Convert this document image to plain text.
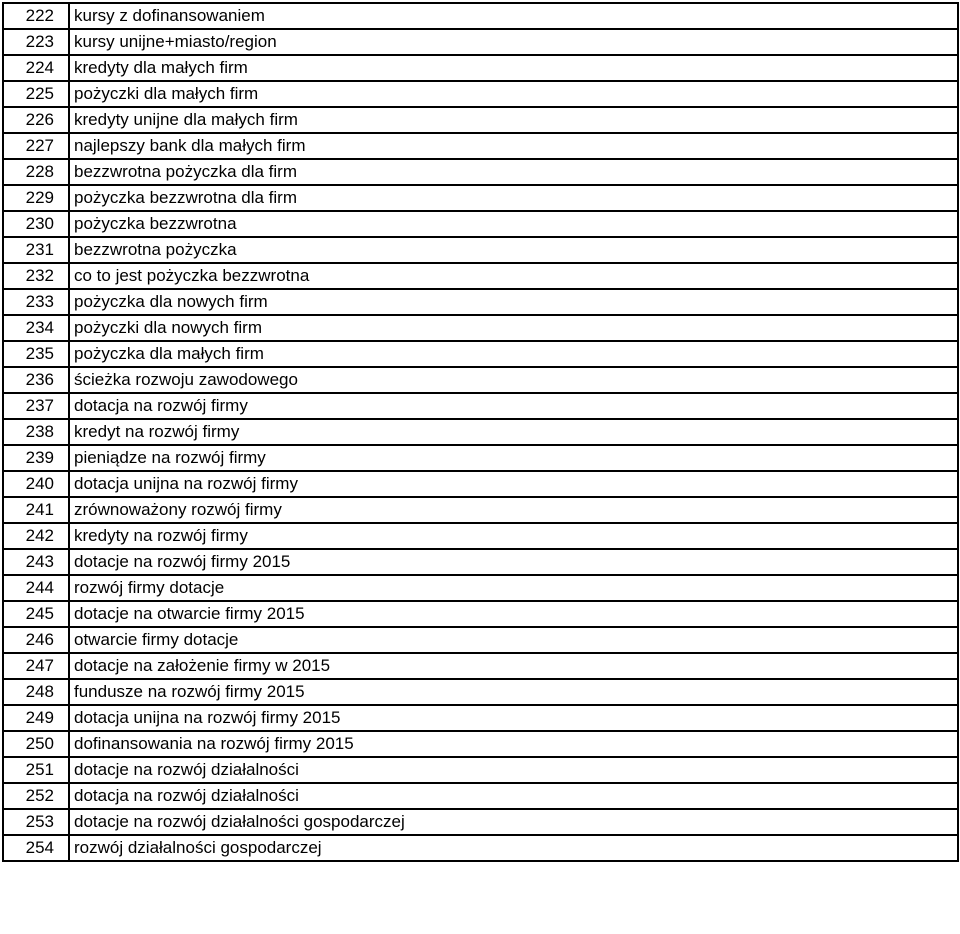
222	kursy z dofinansowaniem
223	kursy unijne+miasto/region
224	kredyty dla małych firm
225	pożyczki dla małych firm
226	kredyty unijne dla małych firm
227	najlepszy bank dla małych firm
228	bezzwrotna pożyczka dla firm
229	pożyczka bezzwrotna dla firm
230	pożyczka bezzwrotna
231	bezzwrotna pożyczka
232	co to jest pożyczka bezzwrotna
233	pożyczka dla nowych firm
234	pożyczki dla nowych firm
235	pożyczka dla małych firm
236	ścieżka rozwoju zawodowego
237	dotacja na rozwój firmy
238	kredyt na rozwój firmy
239	pieniądze na rozwój firmy
240	dotacja unijna na rozwój firmy
241	zrównoważony rozwój firmy
242	kredyty na rozwój firmy
243	dotacje na rozwój firmy 2015
244	rozwój firmy dotacje
245	dotacje na otwarcie firmy 2015
246	otwarcie firmy dotacje
247	dotacje na założenie firmy w 2015
248	fundusze na rozwój firmy 2015
249	dotacja unijna na rozwój firmy 2015
250	dofinansowania na rozwój firmy 2015
251	dotacje na rozwój działalności
252	dotacja na rozwój działalności
253	dotacje na rozwój działalności gospodarczej
254	rozwój działalności gospodarczej
